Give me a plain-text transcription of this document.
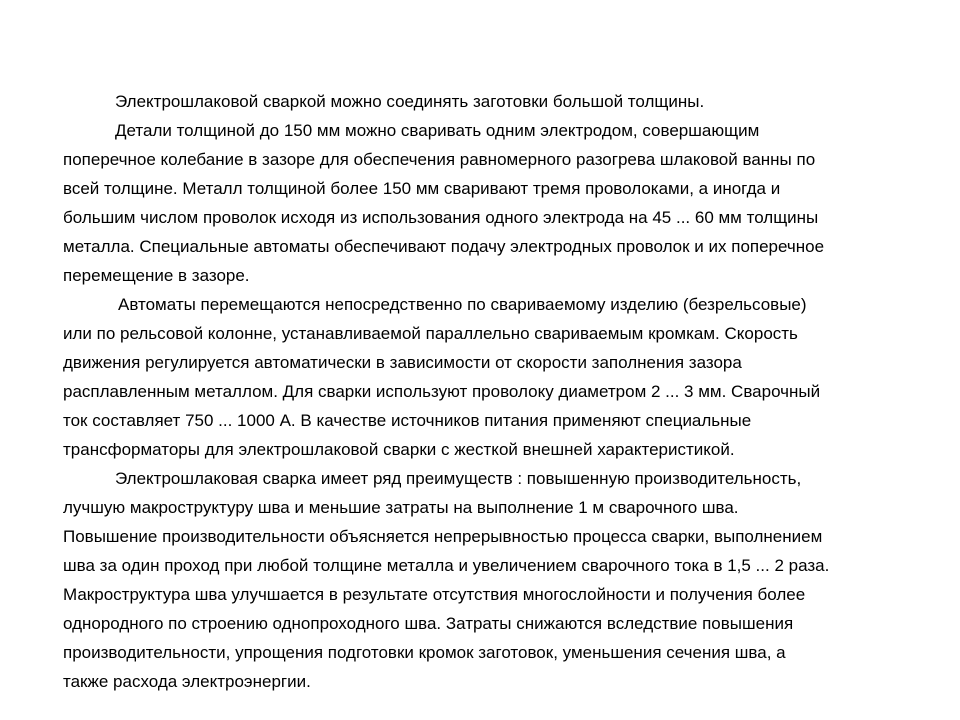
Электрошлаковой сваркой можно соединять заготовки большой толщины.
Детали толщиной до 150 мм можно сваривать одним электродом, совершающим
поперечное колебание в зазоре для обеспечения равномерного разогрева шлаковой ванны по
всей толщине. Металл толщиной более 150 мм сваривают тремя проволоками, а иногда и
большим числом проволок исходя из использования одного электрода на 45 ... 60 мм толщины
металла. Специальные автоматы обеспечивают подачу электродных проволок и их поперечное
перемещение в зазоре.
Автоматы перемещаются непосредственно по свариваемому изделию (безрельсовые)
или по рельсовой колонне, устанавливаемой параллельно свариваемым кромкам. Скорость
движения регулируется автоматически в зависимости от скорости заполнения зазора
расплавленным металлом. Для сварки используют проволоку диаметром 2 ... 3 мм. Сварочный
ток составляет 750 ... 1000 А. В качестве источников питания применяют специальные
трансформаторы для электрошлаковой сварки с жесткой внешней характеристикой.
Электрошлаковая сварка имеет ряд преимуществ : повышенную производительность,
лучшую макроструктуру шва и меньшие затраты на выполнение 1 м сварочного шва.
Повышение производительности объясняется непрерывностью процесса сварки, выполнением
шва за один проход при любой толщине металла и увеличением сварочного тока в 1,5 ... 2 раза.
Макроструктура шва улучшается в результате отсутствия многослойности и получения более
однородного по строению однопроходного шва. Затраты снижаются вследствие повышения
производительности, упрощения подготовки кромок заготовок, уменьшения сечения шва, а
также расхода электроэнергии.
